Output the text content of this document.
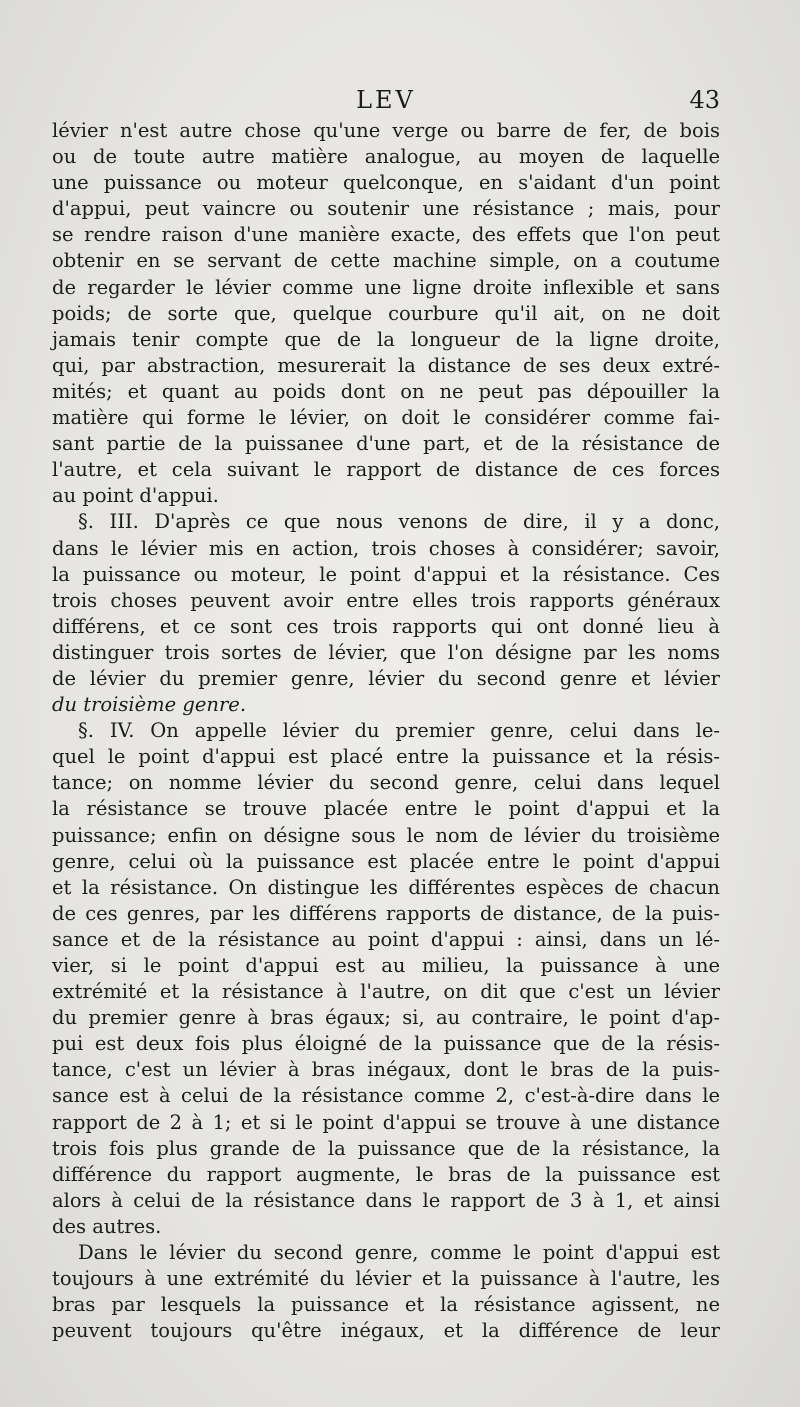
LEV	43
lévier n'est autre chose qu'une verge ou barre de fer, de bois
ou de toute autre matière analogue, au moyen de laquelle
une puissance ou moteur quelconque, en s'aidant d'un point
d'appui, peut vaincre ou soutenir une résistance ; mais, pour
se rendre raison d'une manière exacte, des effets que l'on peut
obtenir en se servant de cette machine simple, on a coutume
de regarder le lévier comme une ligne droite inflexible et sans
poids; de sorte que, quelque courbure qu'il ait, on ne doit
jamais tenir compte que de la longueur de la ligne droite,
qui, par abstraction, mesurerait la distance de ses deux extré-
mités; et quant au poids dont on ne peut pas dépouiller la
matière qui forme le lévier, on doit le considérer comme fai-
sant partie de la puissanee d'une part, et de la résistance de
l'autre, et cela suivant le rapport de distance de ces forces
au point d'appui.
§. III. D'après ce que nous venons de dire, il y a donc,
dans le lévier mis en action, trois choses à considérer; savoir,
la puissance ou moteur, le point d'appui et la résistance. Ces
trois choses peuvent avoir entre elles trois rapports généraux
différens, et ce sont ces trois rapports qui ont donné lieu à
distinguer trois sortes de lévier, que l'on désigne par les noms
de lévier du premier genre, lévier du second genre et lévier
du troisième genre.
§. IV. On appelle lévier du premier genre, celui dans le-
quel le point d'appui est placé entre la puissance et la résis-
tance; on nomme lévier du second genre, celui dans lequel
la résistance se trouve placée entre le point d'appui et la
puissance; enfin on désigne sous le nom de lévier du troisième
genre, celui où la puissance est placée entre le point d'appui
et la résistance. On distingue les différentes espèces de chacun
de ces genres, par les différens rapports de distance, de la puis-
sance et de la résistance au point d'appui : ainsi, dans un lé-
vier, si le point d'appui est au milieu, la puissance à une
extrémité et la résistance à l'autre, on dit que c'est un lévier
du premier genre à bras égaux; si, au contraire, le point d'ap-
pui est deux fois plus éloigné de la puissance que de la résis-
tance, c'est un lévier à bras inégaux, dont le bras de la puis-
sance est à celui de la résistance comme 2, c'est-à-dire dans le
rapport de 2 à 1; et si le point d'appui se trouve à une distance
trois fois plus grande de la puissance que de la résistance, la
différence du rapport augmente, le bras de la puissance est
alors à celui de la résistance dans le rapport de 3 à 1, et ainsi
des autres.
Dans le lévier du second genre, comme le point d'appui est
toujours à une extrémité du lévier et la puissance à l'autre, les
bras par lesquels la puissance et la résistance agissent, ne
peuvent toujours qu'être inégaux, et la différence de leur
